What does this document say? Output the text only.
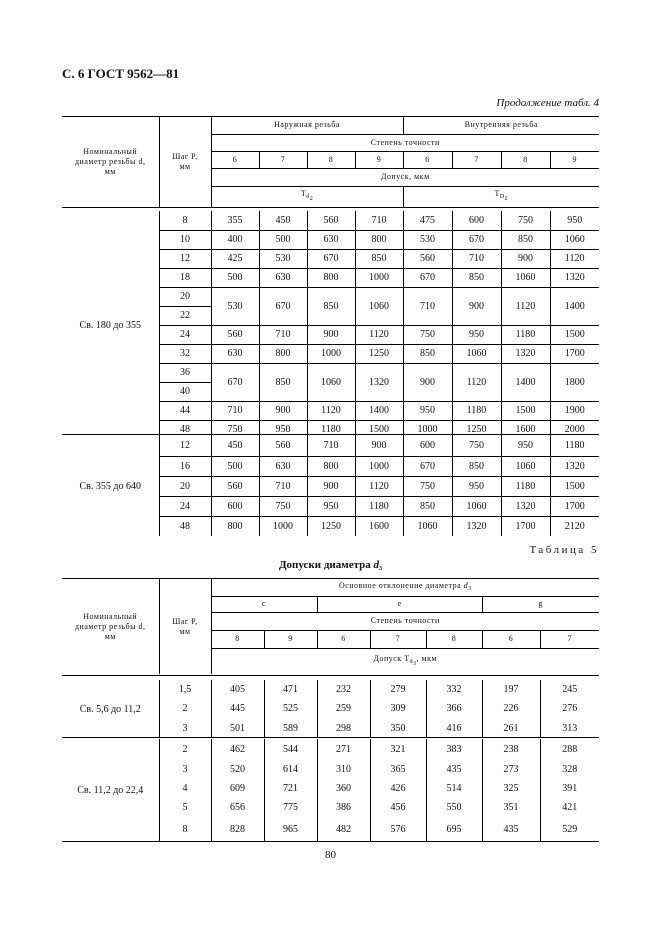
С. 6 ГОСТ 9562—81
Продолжение табл. 4
Номинальный
диаметр резьбы d,
мм	Шаг P,
мм	Наружная резьба				Внутренняя резьба			
		Степень точности							
		6	7	8	9	6	7	8	9
		Допуск, мкм							
		$T_{d_2}$				$T_{D_2}$
Св. 180 до 355	8	355	450	560	710	475	600	750	950
	10	400	500	630	800	530	670	850	1060
	12	425	530	670	850	560	710	900	1120
	18	500	630	800	1000	670	850	1060	1320
	20	530	670	850	1060	710	900	1120	1400
	22								
	24	560	710	900	1120	750	950	1180	1500
	32	630	800	1000	1250	850	1060	1320	1700
	36	670	850	1060	1320	900	1120	1400	1800
	40								
	44	710	900	1120	1400	950	1180	1500	1900
	48	750	950	1180	1500	1000	1250	1600	2000
Св. 355 до 640	12	450	560	710	900	600	750	950	1180
	16	500	630	800	1000	670	850	1060	1320
	20	560	710	900	1120	750	950	1180	1500
	24	600	750	950	1180	850	1060	1320	1700
	48	800	1000	1250	1600	1060	1320	1700	2120
Таблица 5
Допуски диаметра $d_3$
Номинальный
диаметр резьбы d,
мм	Шаг P,
мм	Основное отклонение диаметра $d_3$
		c		e			g	
		Степень точности						
		8	9	6	7	8	6	7
		Допуск $T_{d_3}$, мкм						
Св. 5,6 до 11,2	1,5	405	471	232	279	332	197	245
	2	445	525	259	309	366	226	276
	3	501	589	298	350	416	261	313
Св. 11,2 до 22,4	2	462	544	271	321	383	238	288
	3	520	614	310	365	435	273	328
	4	609	721	360	426	514	325	391
	5	656	775	386	456	550	351	421
	8	828	965	482	576	695	435	529
80
